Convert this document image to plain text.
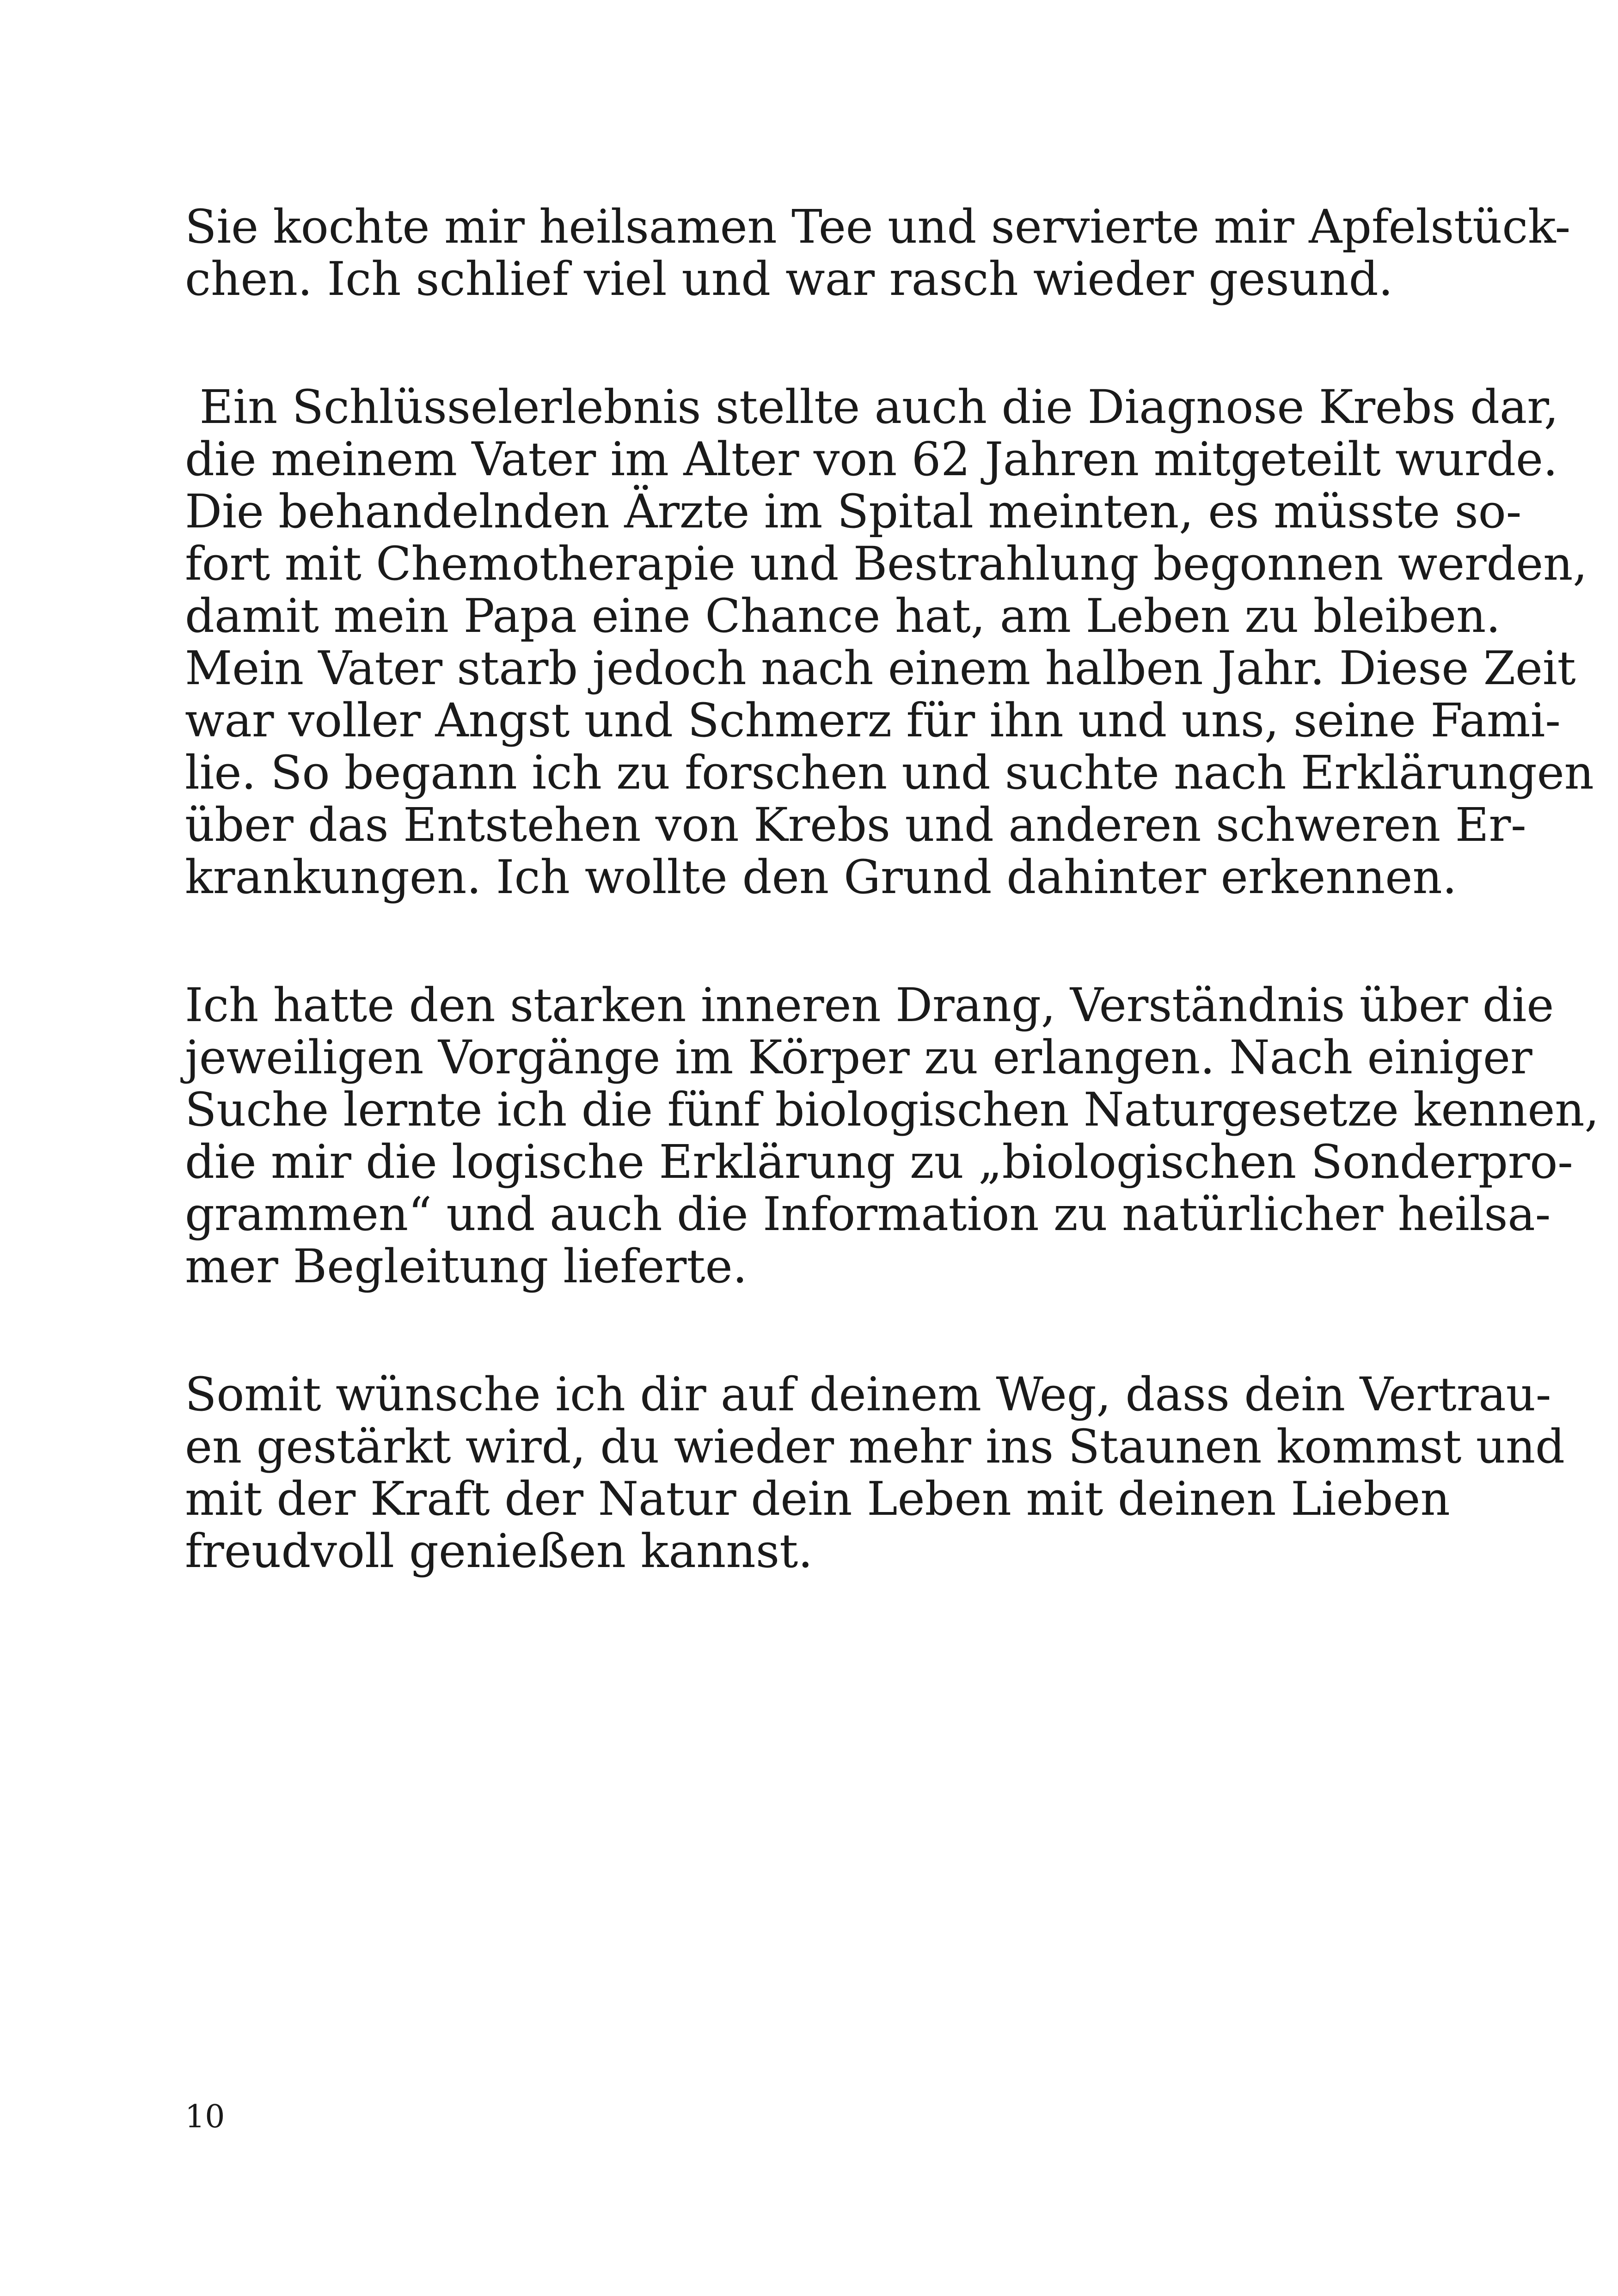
Sie kochte mir heilsamen Tee und servierte mir Apfelstück-
chen. Ich schlief viel und war rasch wieder gesund.

Ein Schlüsselerlebnis stellte auch die Diagnose Krebs dar,
die meinem Vater im Alter von 62 Jahren mitgeteilt wurde.
Die behandelnden Ärzte im Spital meinten, es müsste so-
fort mit Chemotherapie und Bestrahlung begonnen werden,
damit mein Papa eine Chance hat, am Leben zu bleiben.
Mein Vater starb jedoch nach einem halben Jahr. Diese Zeit
war voller Angst und Schmerz für ihn und uns, seine Fami-
lie. So begann ich zu forschen und suchte nach Erklärungen
über das Entstehen von Krebs und anderen schweren Er-
krankungen. Ich wollte den Grund dahinter erkennen.

Ich hatte den starken inneren Drang, Verständnis über die
jeweiligen Vorgänge im Körper zu erlangen. Nach einiger
Suche lernte ich die fünf biologischen Naturgesetze kennen,
die mir die logische Erklärung zu „biologischen Sonderpro-
grammen“ und auch die Information zu natürlicher heilsa-
mer Begleitung lieferte.

Somit wünsche ich dir auf deinem Weg, dass dein Vertrau-
en gestärkt wird, du wieder mehr ins Staunen kommst und
mit der Kraft der Natur dein Leben mit deinen Lieben
freudvoll genießen kannst.

10
